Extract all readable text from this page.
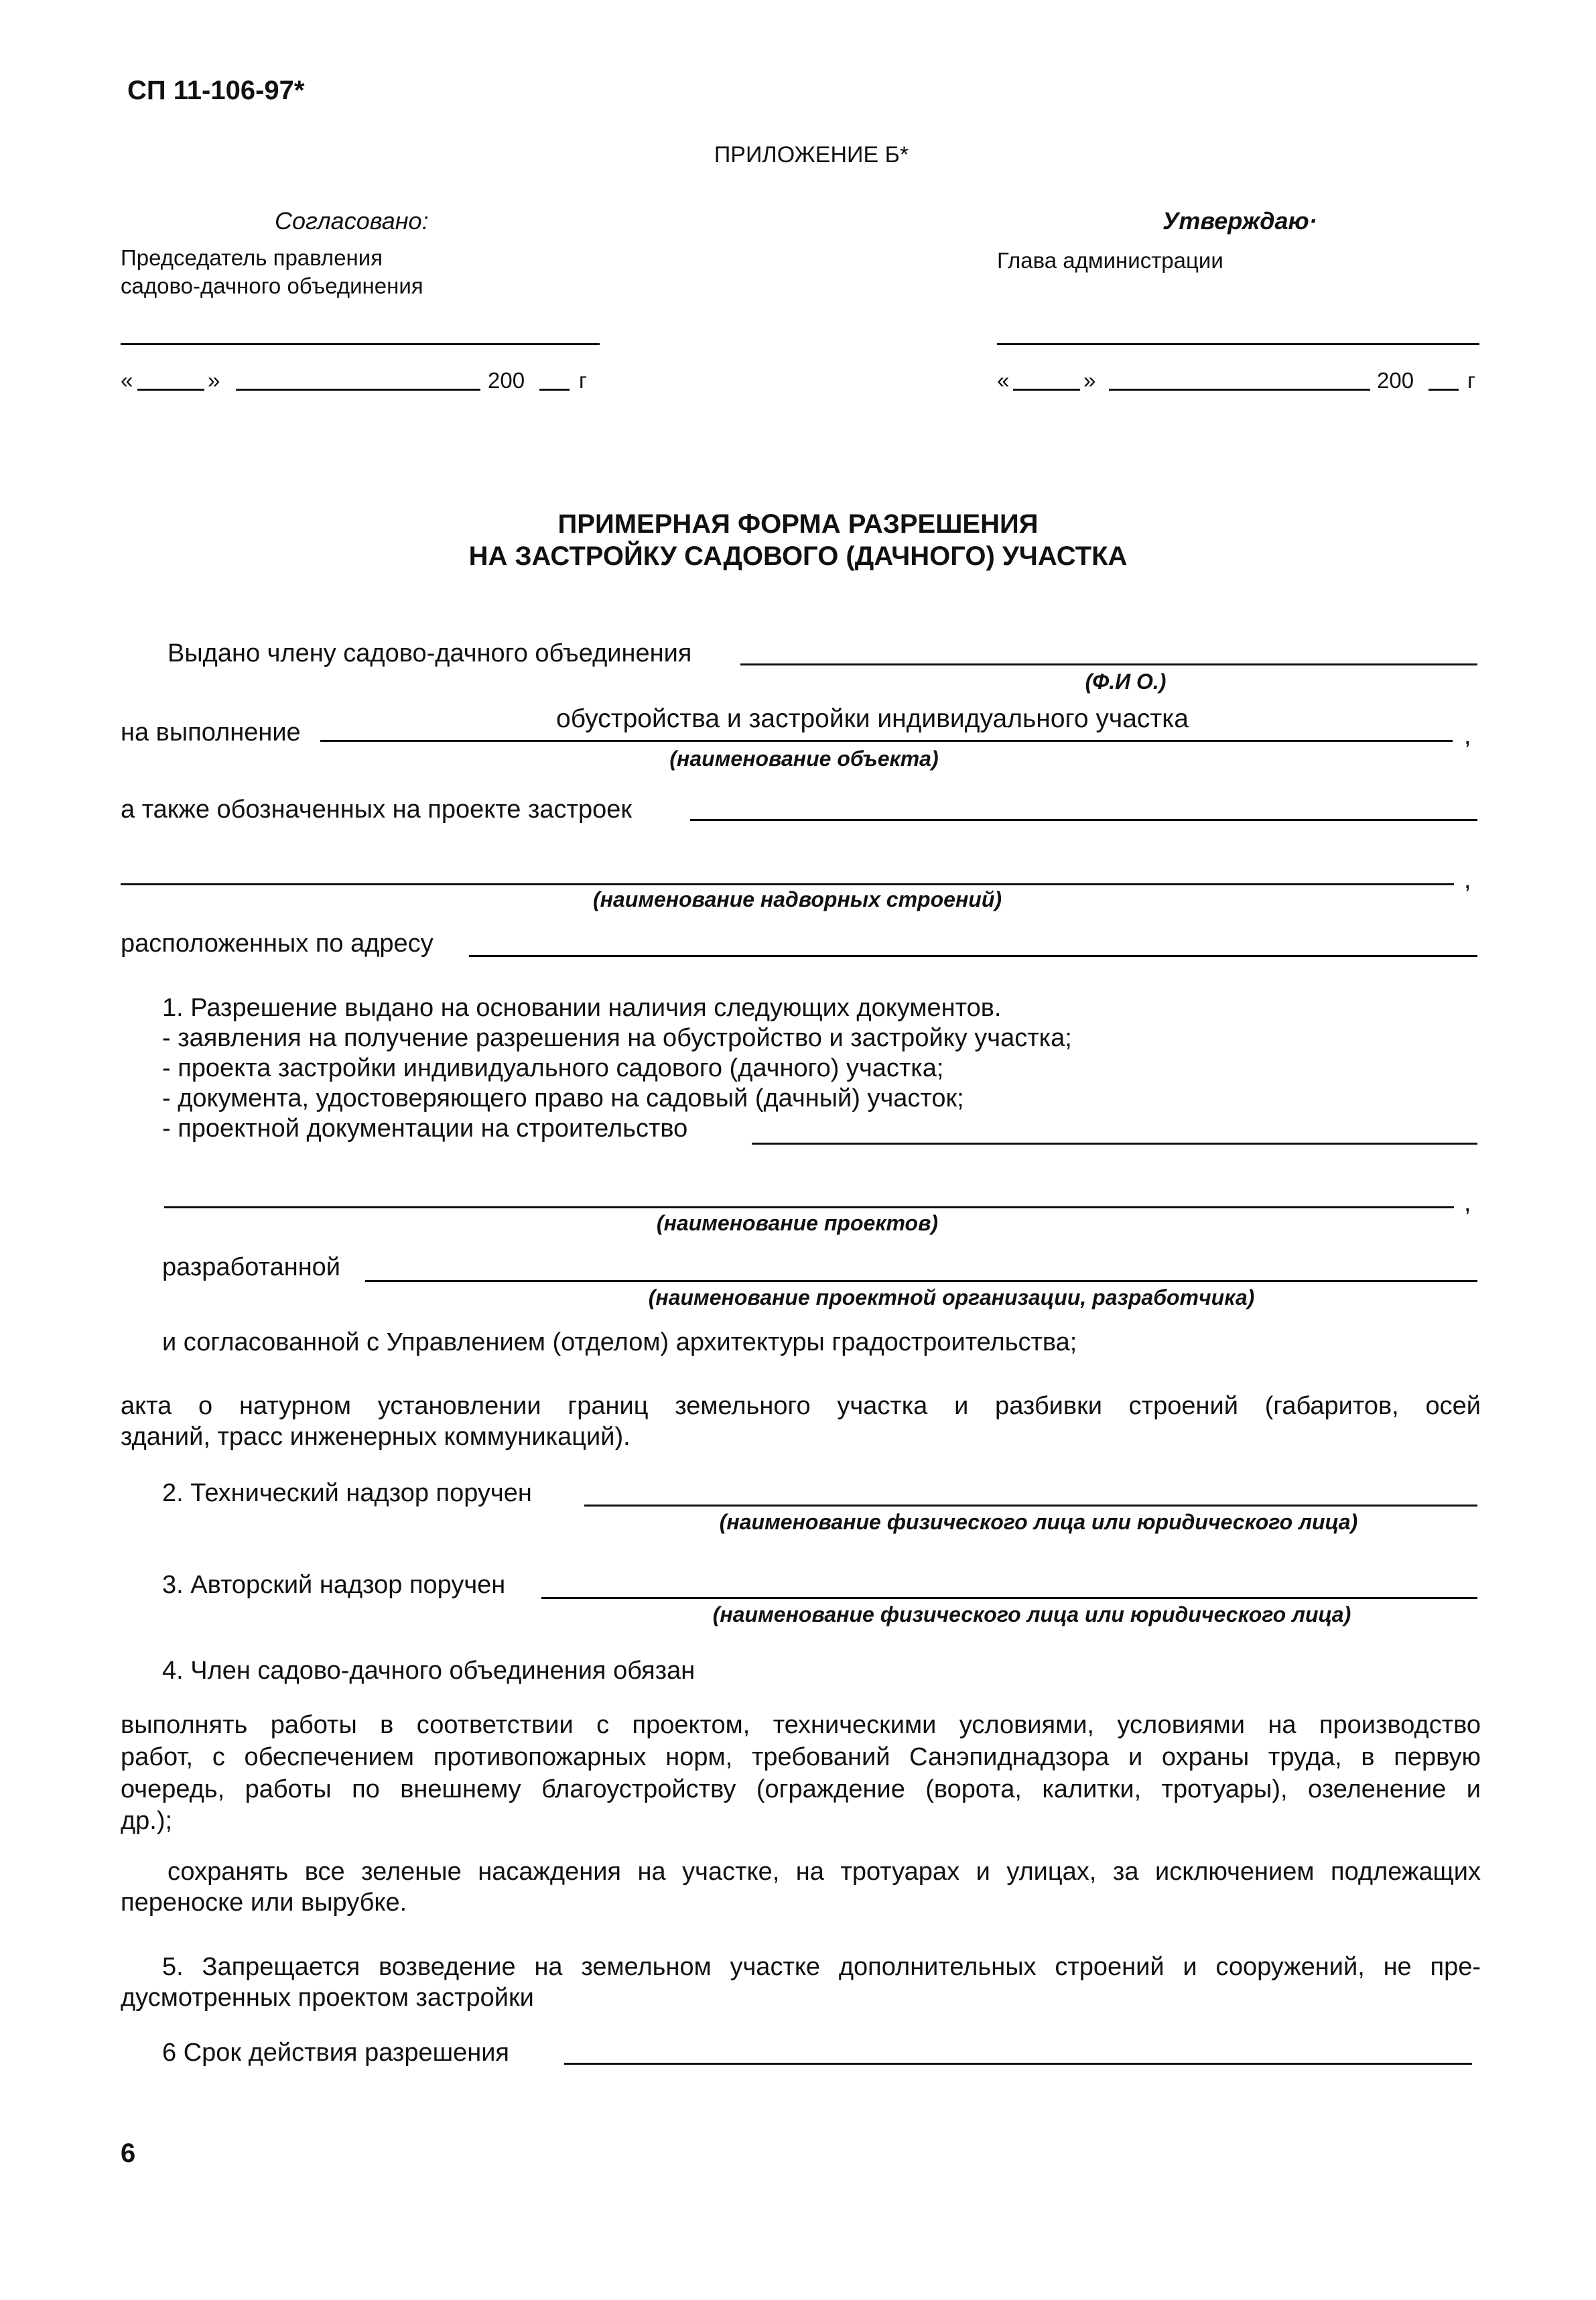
СП 11-106-97*
ПРИЛОЖЕНИЕ Б*
Согласовано:
Председатель правления
садово-дачного объединения
«	»	200 г
Утверждаю·
Глава администрации
«	»	200 г
ПРИМЕРНАЯ ФОРМА РАЗРЕШЕНИЯ
НА ЗАСТРОЙКУ САДОВОГО (ДАЧНОГО) УЧАСТКА
Выдано члену садово-дачного объединения
(Ф.И О.)
на выполнение	обустройства и застройки индивидуального участка
,
(наименование объекта)
а также обозначенных на проекте застроек
,
(наименование надворных строений)
расположенных по адресу
1. Разрешение выдано на основании наличия следующих документов.
- заявления на получение разрешения на обустройство и застройку участка;
- проекта застройки индивидуального садового (дачного) участка;
- документа, удостоверяющего право на садовый (дачный) участок;
- проектной документации на строительство
,
(наименование проектов)
разработанной
(наименование проектной организации, разработчика)
и согласованной с Управлением (отделом) архитектуры градостроительства;
акта о натурном установлении границ земельного участка и разбивки строений (габаритов, осей
зданий, трасс инженерных коммуникаций).
2. Технический надзор поручен
(наименование физического лица или юридического лица)
3. Авторский надзор поручен
(наименование физического лица или юридического лица)
4. Член садово-дачного объединения обязан
выполнять работы в соответствии с проектом, техническими условиями, условиями на производство
работ, с обеспечением противопожарных норм, требований Санэпиднадзора и охраны труда, в первую
очередь, работы по внешнему благоустройству (ограждение (ворота, калитки, тротуары), озеленение и
др.);
сохранять все зеленые насаждения на участке, на тротуарах и улицах, за исключением подлежащих
переноске или вырубке.
5. Запрещается возведение на земельном участке дополнительных строений и сооружений, не пре-
дусмотренных проектом застройки
6 Срок действия разрешения
6
